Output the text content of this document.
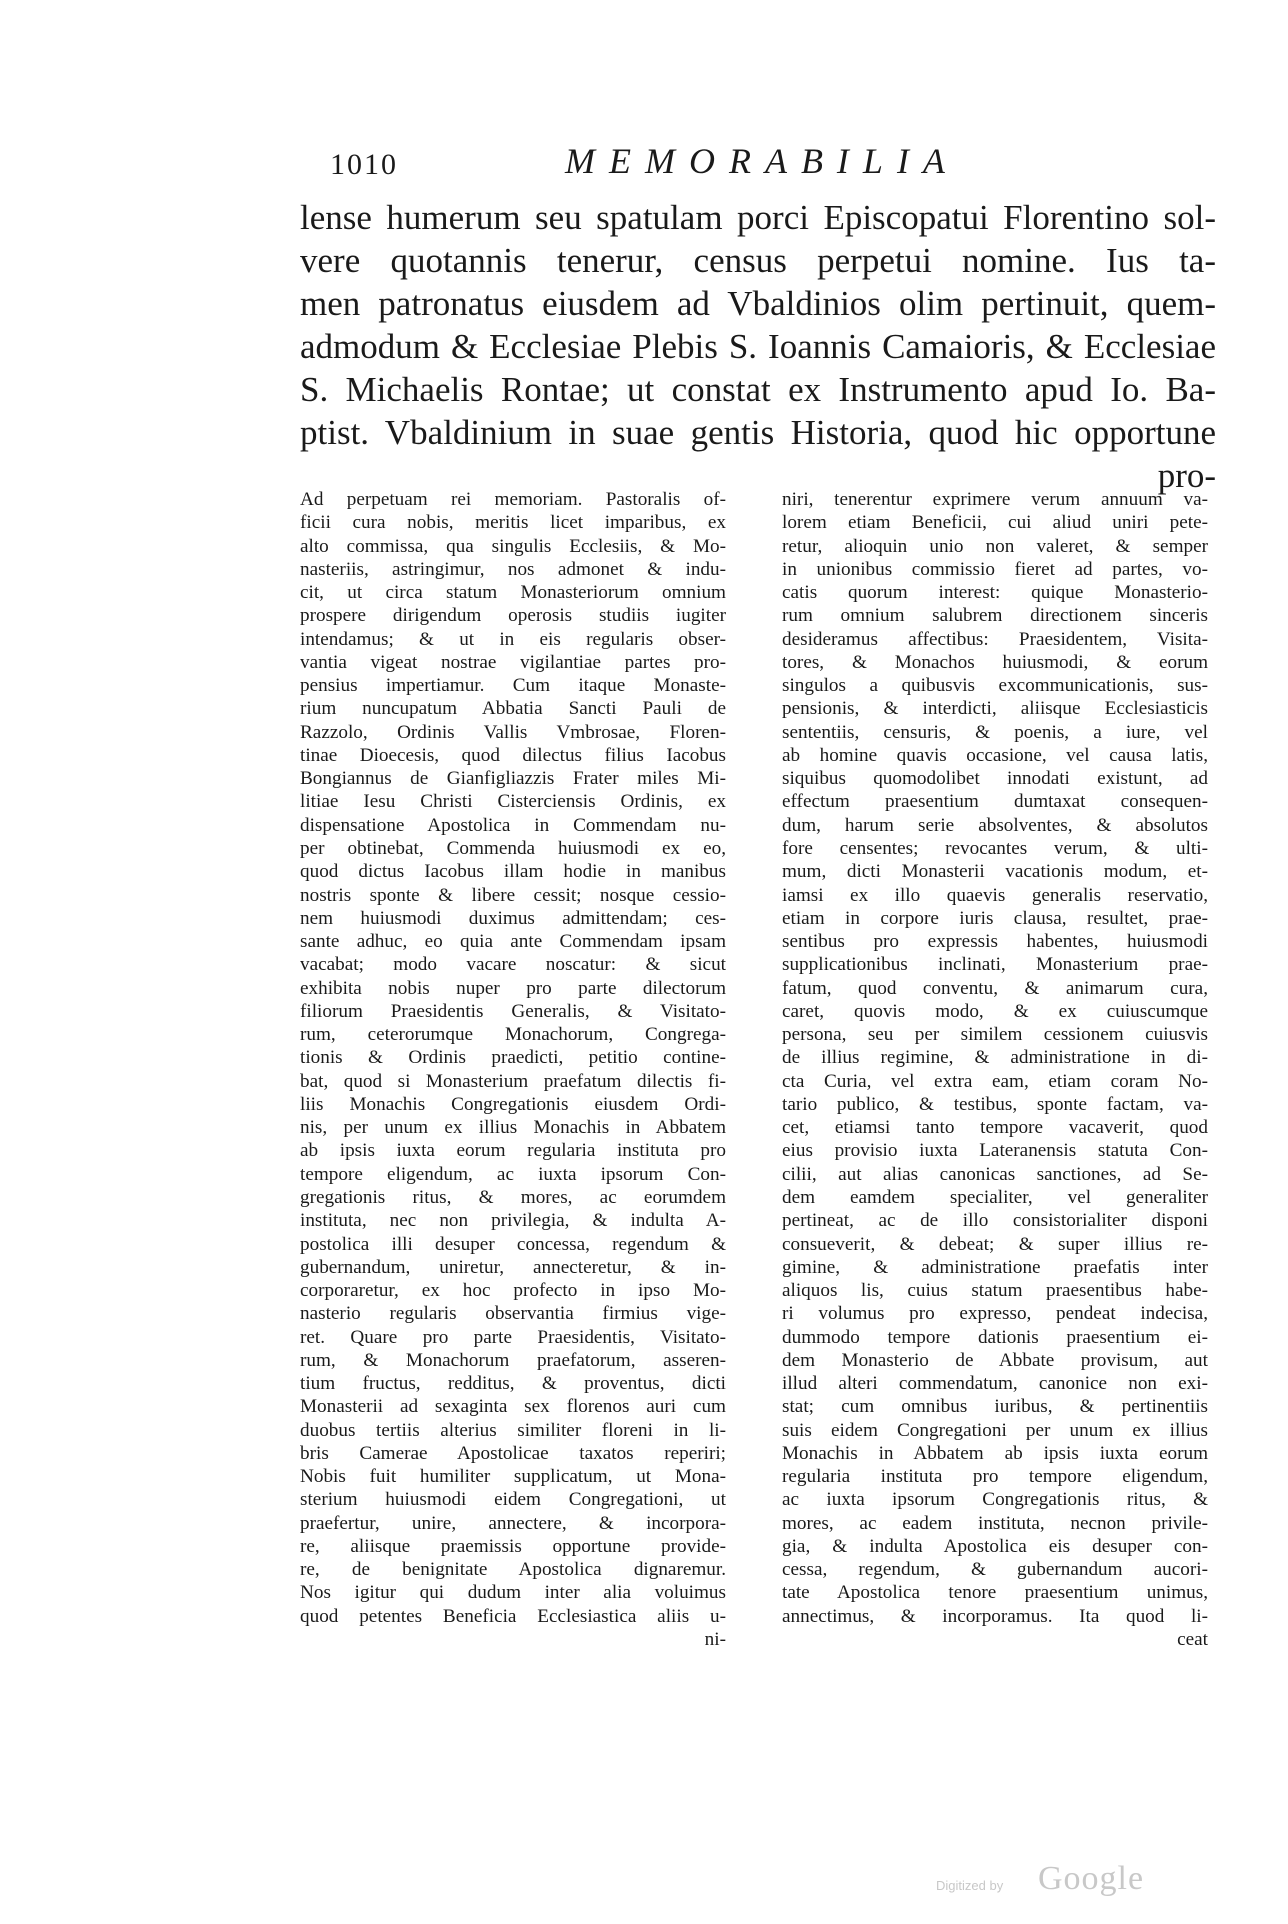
1010	MEMORABILIA
lense humerum seu spatulam porci Episcopatui Florentino sol-
vere quotannis tenerur, census perpetui nomine. Ius ta-
men patronatus eiusdem ad Vbaldinios olim pertinuit, quem-
admodum & Ecclesiae Plebis S. Ioannis Camaioris, & Ecclesiae
S. Michaelis Rontae; ut constat ex Instrumento apud Io. Ba-
ptist. Vbaldinium in suae gentis Historia, quod hic opportune
pro-
Ad perpetuam rei memoriam. Pastoralis of-
ficii cura nobis, meritis licet imparibus, ex
alto commissa, qua singulis Ecclesiis, & Mo-
nasteriis, astringimur, nos admonet & indu-
cit, ut circa statum Monasteriorum omnium
prospere dirigendum operosis studiis iugiter
intendamus; & ut in eis regularis obser-
vantia vigeat nostrae vigilantiae partes pro-
pensius impertiamur. Cum itaque Monaste-
rium nuncupatum Abbatia Sancti Pauli de
Razzolo, Ordinis Vallis Vmbrosae, Floren-
tinae Dioecesis, quod dilectus filius Iacobus
Bongiannus de Gianfigliazzis Frater miles Mi-
litiae Iesu Christi Cisterciensis Ordinis, ex
dispensatione Apostolica in Commendam nu-
per obtinebat, Commenda huiusmodi ex eo,
quod dictus Iacobus illam hodie in manibus
nostris sponte & libere cessit; nosque cessio-
nem huiusmodi duximus admittendam; ces-
sante adhuc, eo quia ante Commendam ipsam
vacabat; modo vacare noscatur: & sicut
exhibita nobis nuper pro parte dilectorum
filiorum Praesidentis Generalis, & Visitato-
rum, ceterorumque Monachorum, Congrega-
tionis & Ordinis praedicti, petitio contine-
bat, quod si Monasterium praefatum dilectis fi-
liis Monachis Congregationis eiusdem Ordi-
nis, per unum ex illius Monachis in Abbatem
ab ipsis iuxta eorum regularia instituta pro
tempore eligendum, ac iuxta ipsorum Con-
gregationis ritus, & mores, ac eorumdem
instituta, nec non privilegia, & indulta A-
postolica illi desuper concessa, regendum &
gubernandum, uniretur, annecteretur, & in-
corporaretur, ex hoc profecto in ipso Mo-
nasterio regularis observantia firmius vige-
ret. Quare pro parte Praesidentis, Visitato-
rum, & Monachorum praefatorum, asseren-
tium fructus, redditus, & proventus, dicti
Monasterii ad sexaginta sex florenos auri cum
duobus tertiis alterius similiter floreni in li-
bris Camerae Apostolicae taxatos reperiri;
Nobis fuit humiliter supplicatum, ut Mona-
sterium huiusmodi eidem Congregationi, ut
praefertur, unire, annectere, & incorpora-
re, aliisque praemissis opportune provide-
re, de benignitate Apostolica dignaremur.
Nos igitur qui dudum inter alia voluimus
quod petentes Beneficia Ecclesiastica aliis u-
ni-
niri, tenerentur exprimere verum annuum va-
lorem etiam Beneficii, cui aliud uniri pete-
retur, alioquin unio non valeret, & semper
in unionibus commissio fieret ad partes, vo-
catis quorum interest: quique Monasterio-
rum omnium salubrem directionem sinceris
desideramus affectibus: Praesidentem, Visita-
tores, & Monachos huiusmodi, & eorum
singulos a quibusvis excommunicationis, sus-
pensionis, & interdicti, aliisque Ecclesiasticis
sententiis, censuris, & poenis, a iure, vel
ab homine quavis occasione, vel causa latis,
siquibus quomodolibet innodati existunt, ad
effectum praesentium dumtaxat consequen-
dum, harum serie absolventes, & absolutos
fore censentes; revocantes verum, & ulti-
mum, dicti Monasterii vacationis modum, et-
iamsi ex illo quaevis generalis reservatio,
etiam in corpore iuris clausa, resultet, prae-
sentibus pro expressis habentes, huiusmodi
supplicationibus inclinati, Monasterium prae-
fatum, quod conventu, & animarum cura,
caret, quovis modo, & ex cuiuscumque
persona, seu per similem cessionem cuiusvis
de illius regimine, & administratione in di-
cta Curia, vel extra eam, etiam coram No-
tario publico, & testibus, sponte factam, va-
cet, etiamsi tanto tempore vacaverit, quod
eius provisio iuxta Lateranensis statuta Con-
cilii, aut alias canonicas sanctiones, ad Se-
dem eamdem specialiter, vel generaliter
pertineat, ac de illo consistorialiter disponi
consueverit, & debeat; & super illius re-
gimine, & administratione praefatis inter
aliquos lis, cuius statum praesentibus habe-
ri volumus pro expresso, pendeat indecisa,
dummodo tempore dationis praesentium ei-
dem Monasterio de Abbate provisum, aut
illud alteri commendatum, canonice non exi-
stat; cum omnibus iuribus, & pertinentiis
suis eidem Congregationi per unum ex illius
Monachis in Abbatem ab ipsis iuxta eorum
regularia instituta pro tempore eligendum,
ac iuxta ipsorum Congregationis ritus, &
mores, ac eadem instituta, necnon privile-
gia, & indulta Apostolica eis desuper con-
cessa, regendum, & gubernandum aucori-
tate Apostolica tenore praesentium unimus,
annectimus, & incorporamus. Ita quod li-
ceat
Digitized by Google
